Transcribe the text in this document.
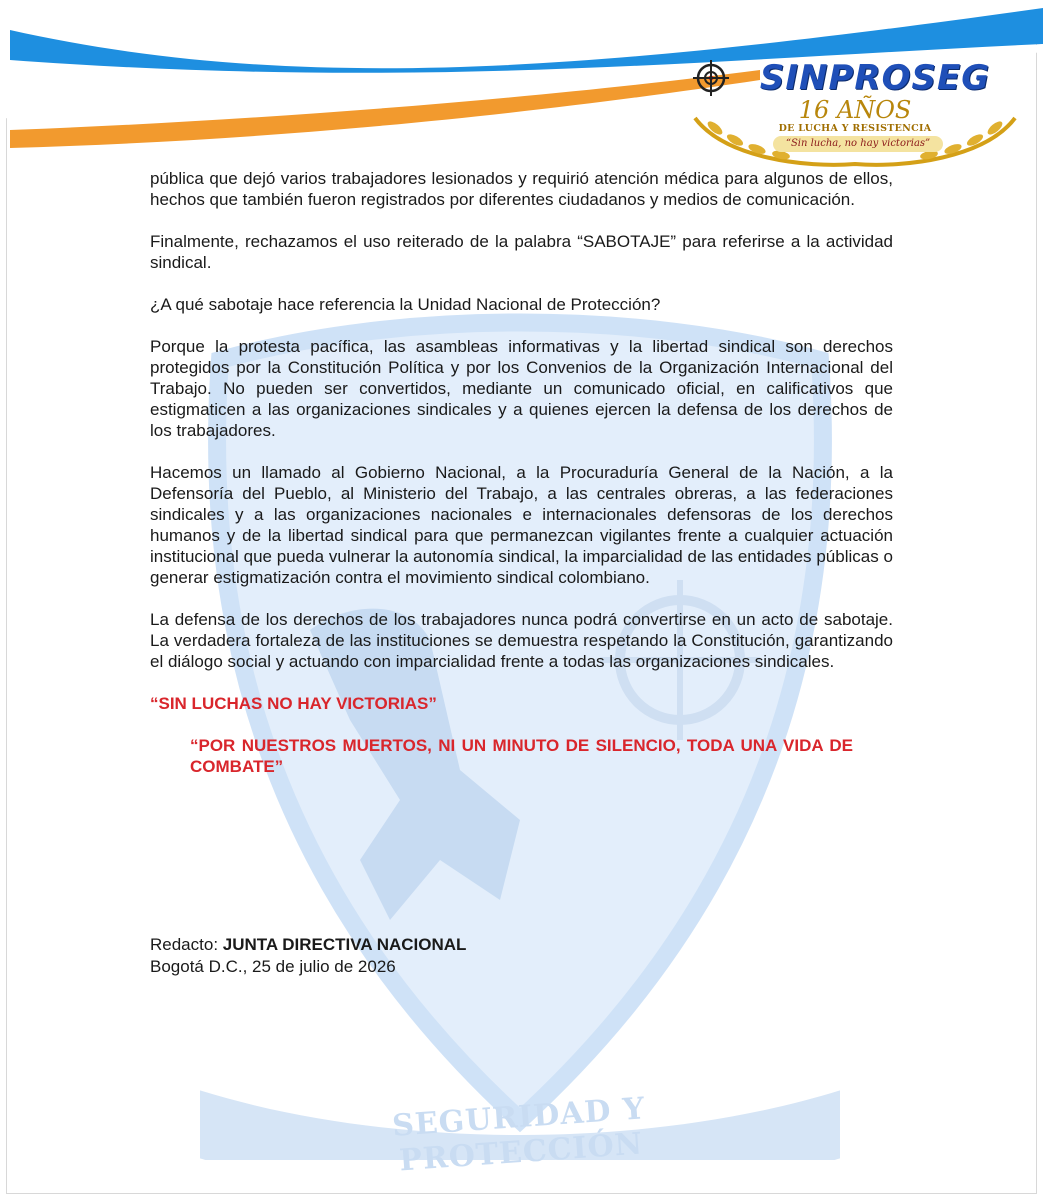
SEGURIDAD Y PROTECCIÓN
SINPROSEG
16 AÑOS
DE LUCHA Y RESISTENCIA
“Sin lucha, no hay victorias”

pública que dejó varios trabajadores lesionados y requirió atención médica para algunos de ellos, hechos que también fueron registrados por diferentes ciudadanos y medios de comunicación.

Finalmente, rechazamos el uso reiterado de la palabra “SABOTAJE” para referirse a la actividad sindical.

¿A qué sabotaje hace referencia la Unidad Nacional de Protección?

Porque la protesta pacífica, las asambleas informativas y la libertad sindical son derechos protegidos por la Constitución Política y por los Convenios de la Organización Internacional del Trabajo. No pueden ser convertidos, mediante un comunicado oficial, en calificativos que estigmaticen a las organizaciones sindicales y a quienes ejercen la defensa de los derechos de los trabajadores.

Hacemos un llamado al Gobierno Nacional, a la Procuraduría General de la Nación, a la Defensoría del Pueblo, al Ministerio del Trabajo, a las centrales obreras, a las federaciones sindicales y a las organizaciones nacionales e internacionales defensoras de los derechos humanos y de la libertad sindical para que permanezcan vigilantes frente a cualquier actuación institucional que pueda vulnerar la autonomía sindical, la imparcialidad de las entidades públicas o generar estigmatización contra el movimiento sindical colombiano.

La defensa de los derechos de los trabajadores nunca podrá convertirse en un acto de sabotaje. La verdadera fortaleza de las instituciones se demuestra respetando la Constitución, garantizando el diálogo social y actuando con imparcialidad frente a todas las organizaciones sindicales.

“SIN LUCHAS NO HAY VICTORIAS”

“POR NUESTROS MUERTOS, NI UN MINUTO DE SILENCIO, TODA UNA VIDA DE COMBATE”

Redacto: JUNTA DIRECTIVA NACIONAL
Bogotá D.C., 25 de julio de 2026
